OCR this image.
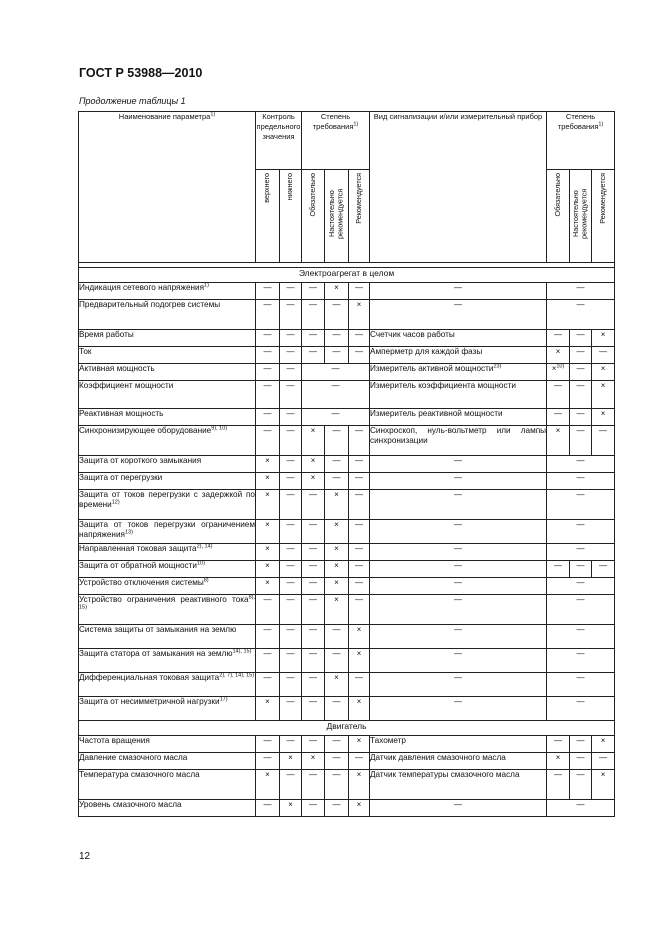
ГОСТ Р 53988—2010
Продолжение таблицы 1
Наименование параметра$^{1)}$	Контроль предельного значения		Степень требования$^{1)}$			Вид сигнализации и/или измерительный прибор	Степень требования$^{1)}$
	верхнего	нижнего	Обязательно	Настоятельно рекомендуется	Рекомендуется		Обязательно	Настоятельно рекомендуется	Рекомендуется

Электроагрегат в целом									
Индикация сетевого напряжения$^{1)}$	—	—	—	×	—	—	—		
Предварительный подогрев системы	—	—	—	—	×	—	—		
Время работы	—	—	—	—	—	Счетчик часов работы	—	—	×
Ток	—	—	—	—	—	Амперметр для каждой фазы	×	—	—
Активная мощность	—	—	—			Измеритель активной мощности$^{23)}$	×$^{10)}$	—	×
Коэффициент мощности	—	—	—			Измеритель коэффициента мощности	—	—	×
Реактивная мощность	—	—	—			Измеритель реактивной мощности	—	—	×
Синхронизирующее оборудование$^{9), 10)}$	—	—	×	—	—	Синхроскоп, нуль-вольтметр или лампы синхронизации	×	—	—
Защита от короткого замыкания	×	—	×	—	—	—	—		
Защита от перегрузки	×	—	×	—	—	—	—		
Защита от токов перегрузки с задержкой по времени$^{12)}$	×	—	—	×	—	—	—		
Защита от токов перегрузки ограничением напряжения$^{13)}$	×	—	—	×	—	—	—		
Направленная токовая защита$^{2), 14)}$	×	—	—	×	—	—	—		
Защита от обратной мощности$^{10)}$	×	—	—	×	—	—	—	—	—
Устройство отключения системы$^{8)}$	×	—	—	×	—	—	—		
Устройство ограничения реактивного тока$^{8), 15)}$	—	—	—	×	—	—	—		
Система защиты от замыкания на землю	—	—	—	—	×	—	—		
Защита статора от замыкания на землю$^{14), 15)}$	—	—	—	—	×	—	—		
Дифференциальная токовая защита$^{2), 7), 14), 15)}$	—	—	—	×	—	—	—		
Защита от несимметричной нагрузки$^{17)}$	×	—	—	—	×	—	—		
Двигатель									
Частота вращения	—	—	—	—	×	Тахометр	—	—	×
Давление смазочного масла	—	×	×	—	—	Датчик давления смазочного масла	×	—	—
Температура смазочного масла	×	—	—	—	×	Датчик температуры смазочного масла	—	—	×
Уровень смазочного масла	—	×	—	—	×	—	—		
12
